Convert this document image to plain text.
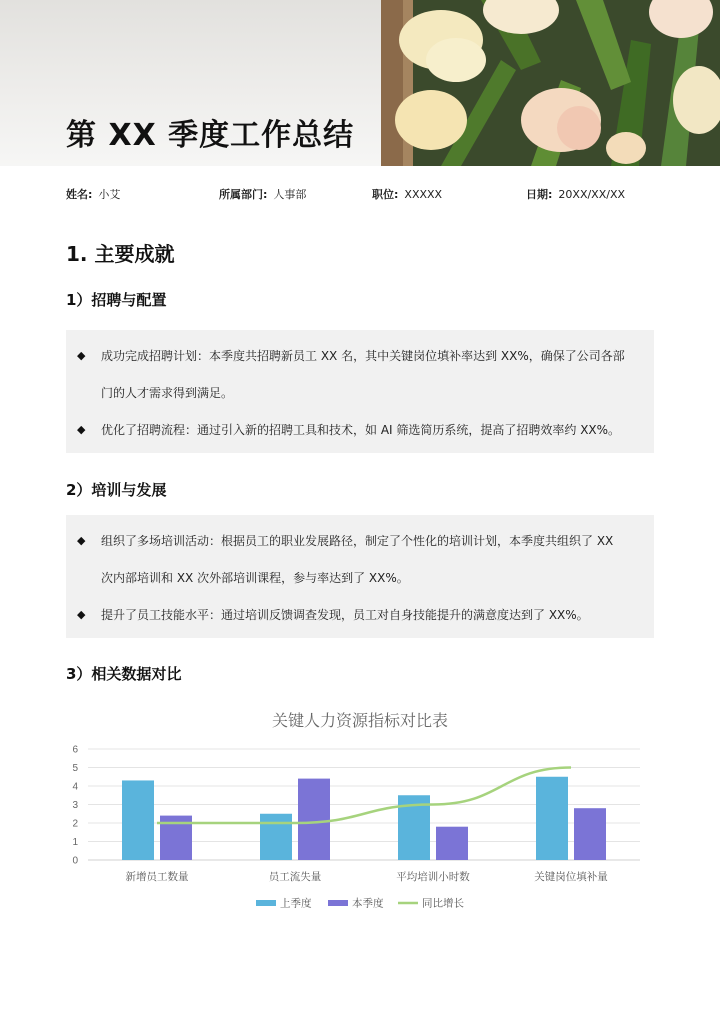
第 XX 季度工作总结
姓名: 小艾	所属部门: 人事部	职位: XXXXX	日期: 20XX/XX/XX
1. 主要成就
1）招聘与配置
◆ 成功完成招聘计划：本季度共招聘新员工 XX 名，其中关键岗位填补率达到 XX%，确保了公司各部
门的人才需求得到满足。
◆ 优化了招聘流程：通过引入新的招聘工具和技术，如 AI 筛选简历系统，提高了招聘效率约 XX%。
2）培训与发展
◆ 组织了多场培训活动：根据员工的职业发展路径，制定了个性化的培训计划，本季度共组织了 XX
次内部培训和 XX 次外部培训课程，参与率达到了 XX%。
◆ 提升了员工技能水平：通过培训反馈调查发现，员工对自身技能提升的满意度达到了 XX%。
3）相关数据对比
关键人力资源指标对比表
0
1
2
3
4
5
6
新增员工数量	员工流失量	平均培训小时数	关键岗位填补量
上季度	本季度	同比增长
